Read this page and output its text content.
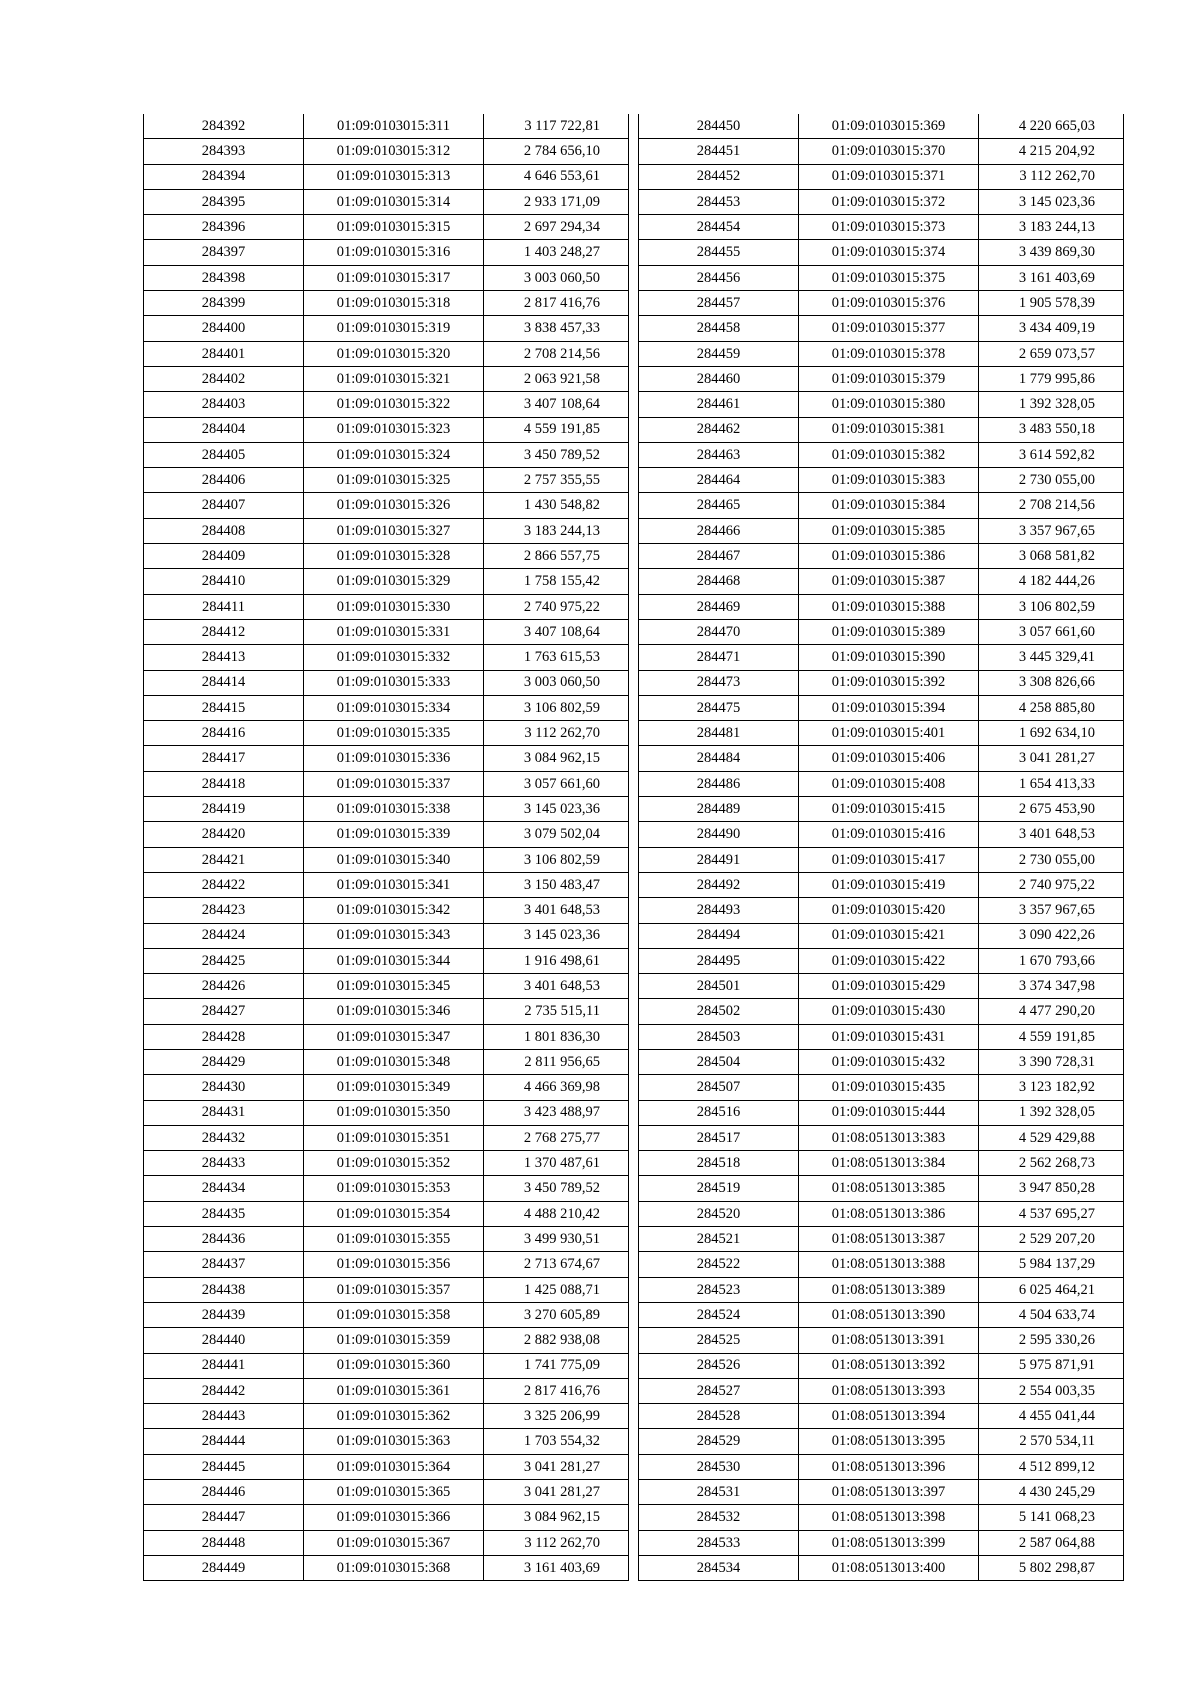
284392	01:09:0103015:311	3 117 722,81
284393	01:09:0103015:312	2 784 656,10
284394	01:09:0103015:313	4 646 553,61
284395	01:09:0103015:314	2 933 171,09
284396	01:09:0103015:315	2 697 294,34
284397	01:09:0103015:316	1 403 248,27
284398	01:09:0103015:317	3 003 060,50
284399	01:09:0103015:318	2 817 416,76
284400	01:09:0103015:319	3 838 457,33
284401	01:09:0103015:320	2 708 214,56
284402	01:09:0103015:321	2 063 921,58
284403	01:09:0103015:322	3 407 108,64
284404	01:09:0103015:323	4 559 191,85
284405	01:09:0103015:324	3 450 789,52
284406	01:09:0103015:325	2 757 355,55
284407	01:09:0103015:326	1 430 548,82
284408	01:09:0103015:327	3 183 244,13
284409	01:09:0103015:328	2 866 557,75
284410	01:09:0103015:329	1 758 155,42
284411	01:09:0103015:330	2 740 975,22
284412	01:09:0103015:331	3 407 108,64
284413	01:09:0103015:332	1 763 615,53
284414	01:09:0103015:333	3 003 060,50
284415	01:09:0103015:334	3 106 802,59
284416	01:09:0103015:335	3 112 262,70
284417	01:09:0103015:336	3 084 962,15
284418	01:09:0103015:337	3 057 661,60
284419	01:09:0103015:338	3 145 023,36
284420	01:09:0103015:339	3 079 502,04
284421	01:09:0103015:340	3 106 802,59
284422	01:09:0103015:341	3 150 483,47
284423	01:09:0103015:342	3 401 648,53
284424	01:09:0103015:343	3 145 023,36
284425	01:09:0103015:344	1 916 498,61
284426	01:09:0103015:345	3 401 648,53
284427	01:09:0103015:346	2 735 515,11
284428	01:09:0103015:347	1 801 836,30
284429	01:09:0103015:348	2 811 956,65
284430	01:09:0103015:349	4 466 369,98
284431	01:09:0103015:350	3 423 488,97
284432	01:09:0103015:351	2 768 275,77
284433	01:09:0103015:352	1 370 487,61
284434	01:09:0103015:353	3 450 789,52
284435	01:09:0103015:354	4 488 210,42
284436	01:09:0103015:355	3 499 930,51
284437	01:09:0103015:356	2 713 674,67
284438	01:09:0103015:357	1 425 088,71
284439	01:09:0103015:358	3 270 605,89
284440	01:09:0103015:359	2 882 938,08
284441	01:09:0103015:360	1 741 775,09
284442	01:09:0103015:361	2 817 416,76
284443	01:09:0103015:362	3 325 206,99
284444	01:09:0103015:363	1 703 554,32
284445	01:09:0103015:364	3 041 281,27
284446	01:09:0103015:365	3 041 281,27
284447	01:09:0103015:366	3 084 962,15
284448	01:09:0103015:367	3 112 262,70
284449	01:09:0103015:368	3 161 403,69
284450	01:09:0103015:369	4 220 665,03
284451	01:09:0103015:370	4 215 204,92
284452	01:09:0103015:371	3 112 262,70
284453	01:09:0103015:372	3 145 023,36
284454	01:09:0103015:373	3 183 244,13
284455	01:09:0103015:374	3 439 869,30
284456	01:09:0103015:375	3 161 403,69
284457	01:09:0103015:376	1 905 578,39
284458	01:09:0103015:377	3 434 409,19
284459	01:09:0103015:378	2 659 073,57
284460	01:09:0103015:379	1 779 995,86
284461	01:09:0103015:380	1 392 328,05
284462	01:09:0103015:381	3 483 550,18
284463	01:09:0103015:382	3 614 592,82
284464	01:09:0103015:383	2 730 055,00
284465	01:09:0103015:384	2 708 214,56
284466	01:09:0103015:385	3 357 967,65
284467	01:09:0103015:386	3 068 581,82
284468	01:09:0103015:387	4 182 444,26
284469	01:09:0103015:388	3 106 802,59
284470	01:09:0103015:389	3 057 661,60
284471	01:09:0103015:390	3 445 329,41
284473	01:09:0103015:392	3 308 826,66
284475	01:09:0103015:394	4 258 885,80
284481	01:09:0103015:401	1 692 634,10
284484	01:09:0103015:406	3 041 281,27
284486	01:09:0103015:408	1 654 413,33
284489	01:09:0103015:415	2 675 453,90
284490	01:09:0103015:416	3 401 648,53
284491	01:09:0103015:417	2 730 055,00
284492	01:09:0103015:419	2 740 975,22
284493	01:09:0103015:420	3 357 967,65
284494	01:09:0103015:421	3 090 422,26
284495	01:09:0103015:422	1 670 793,66
284501	01:09:0103015:429	3 374 347,98
284502	01:09:0103015:430	4 477 290,20
284503	01:09:0103015:431	4 559 191,85
284504	01:09:0103015:432	3 390 728,31
284507	01:09:0103015:435	3 123 182,92
284516	01:09:0103015:444	1 392 328,05
284517	01:08:0513013:383	4 529 429,88
284518	01:08:0513013:384	2 562 268,73
284519	01:08:0513013:385	3 947 850,28
284520	01:08:0513013:386	4 537 695,27
284521	01:08:0513013:387	2 529 207,20
284522	01:08:0513013:388	5 984 137,29
284523	01:08:0513013:389	6 025 464,21
284524	01:08:0513013:390	4 504 633,74
284525	01:08:0513013:391	2 595 330,26
284526	01:08:0513013:392	5 975 871,91
284527	01:08:0513013:393	2 554 003,35
284528	01:08:0513013:394	4 455 041,44
284529	01:08:0513013:395	2 570 534,11
284530	01:08:0513013:396	4 512 899,12
284531	01:08:0513013:397	4 430 245,29
284532	01:08:0513013:398	5 141 068,23
284533	01:08:0513013:399	2 587 064,88
284534	01:08:0513013:400	5 802 298,87
